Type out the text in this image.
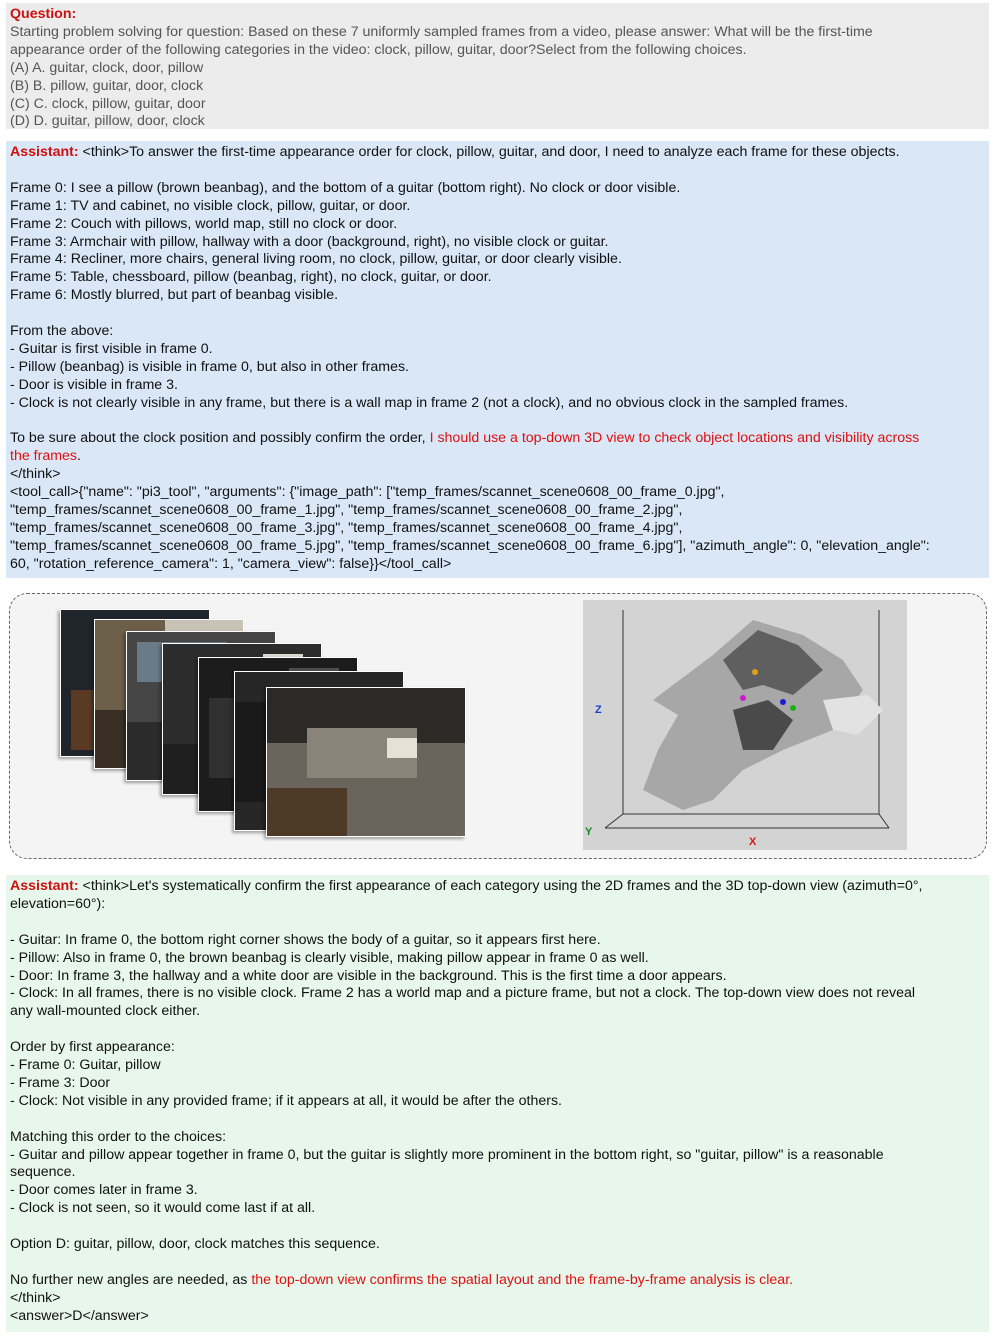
Question:
Starting problem solving for question: Based on these 7 uniformly sampled frames from a video, please answer: What will be the first-time
appearance order of the following categories in the video: clock, pillow, guitar, door?Select from the following choices.
(A) A. guitar, clock, door, pillow
(B) B. pillow, guitar, door, clock
(C) C. clock, pillow, guitar, door
(D) D. guitar, pillow, door, clock
Assistant: <think>To answer the first-time appearance order for clock, pillow, guitar, and door, I need to analyze each frame for these objects.
Frame 0: I see a pillow (brown beanbag), and the bottom of a guitar (bottom right). No clock or door visible.
Frame 1: TV and cabinet, no visible clock, pillow, guitar, or door.
Frame 2: Couch with pillows, world map, still no clock or door.
Frame 3: Armchair with pillow, hallway with a door (background, right), no visible clock or guitar.
Frame 4: Recliner, more chairs, general living room, no clock, pillow, guitar, or door clearly visible.
Frame 5: Table, chessboard, pillow (beanbag, right), no clock, guitar, or door.
Frame 6: Mostly blurred, but part of beanbag visible.
From the above:
- Guitar is first visible in frame 0.
- Pillow (beanbag) is visible in frame 0, but also in other frames.
- Door is visible in frame 3.
- Clock is not clearly visible in any frame, but there is a wall map in frame 2 (not a clock), and no obvious clock in the sampled frames.
To be sure about the clock position and possibly confirm the order, I should use a top-down 3D view to check object locations and visibility across
the frames.
</think>
<tool_call>{"name": "pi3_tool", "arguments": {"image_path": ["temp_frames/scannet_scene0608_00_frame_0.jpg",
"temp_frames/scannet_scene0608_00_frame_1.jpg", "temp_frames/scannet_scene0608_00_frame_2.jpg",
"temp_frames/scannet_scene0608_00_frame_3.jpg", "temp_frames/scannet_scene0608_00_frame_4.jpg",
"temp_frames/scannet_scene0608_00_frame_5.jpg", "temp_frames/scannet_scene0608_00_frame_6.jpg"], "azimuth_angle": 0, "elevation_angle":
60, "rotation_reference_camera": 1, "camera_view": false}}</tool_call>
Z
Y
X
Assistant: <think>Let's systematically confirm the first appearance of each category using the 2D frames and the 3D top-down view (azimuth=0°,
elevation=60°):
- Guitar: In frame 0, the bottom right corner shows the body of a guitar, so it appears first here.
- Pillow: Also in frame 0, the brown beanbag is clearly visible, making pillow appear in frame 0 as well.
- Door: In frame 3, the hallway and a white door are visible in the background. This is the first time a door appears.
- Clock: In all frames, there is no visible clock. Frame 2 has a world map and a picture frame, but not a clock. The top-down view does not reveal
any wall-mounted clock either.
Order by first appearance:
- Frame 0: Guitar, pillow
- Frame 3: Door
- Clock: Not visible in any provided frame; if it appears at all, it would be after the others.
Matching this order to the choices:
- Guitar and pillow appear together in frame 0, but the guitar is slightly more prominent in the bottom right, so "guitar, pillow" is a reasonable
sequence.
- Door comes later in frame 3.
- Clock is not seen, so it would come last if at all.
Option D: guitar, pillow, door, clock matches this sequence.
No further new angles are needed, as the top-down view confirms the spatial layout and the frame-by-frame analysis is clear.
</think>
<answer>D</answer>
